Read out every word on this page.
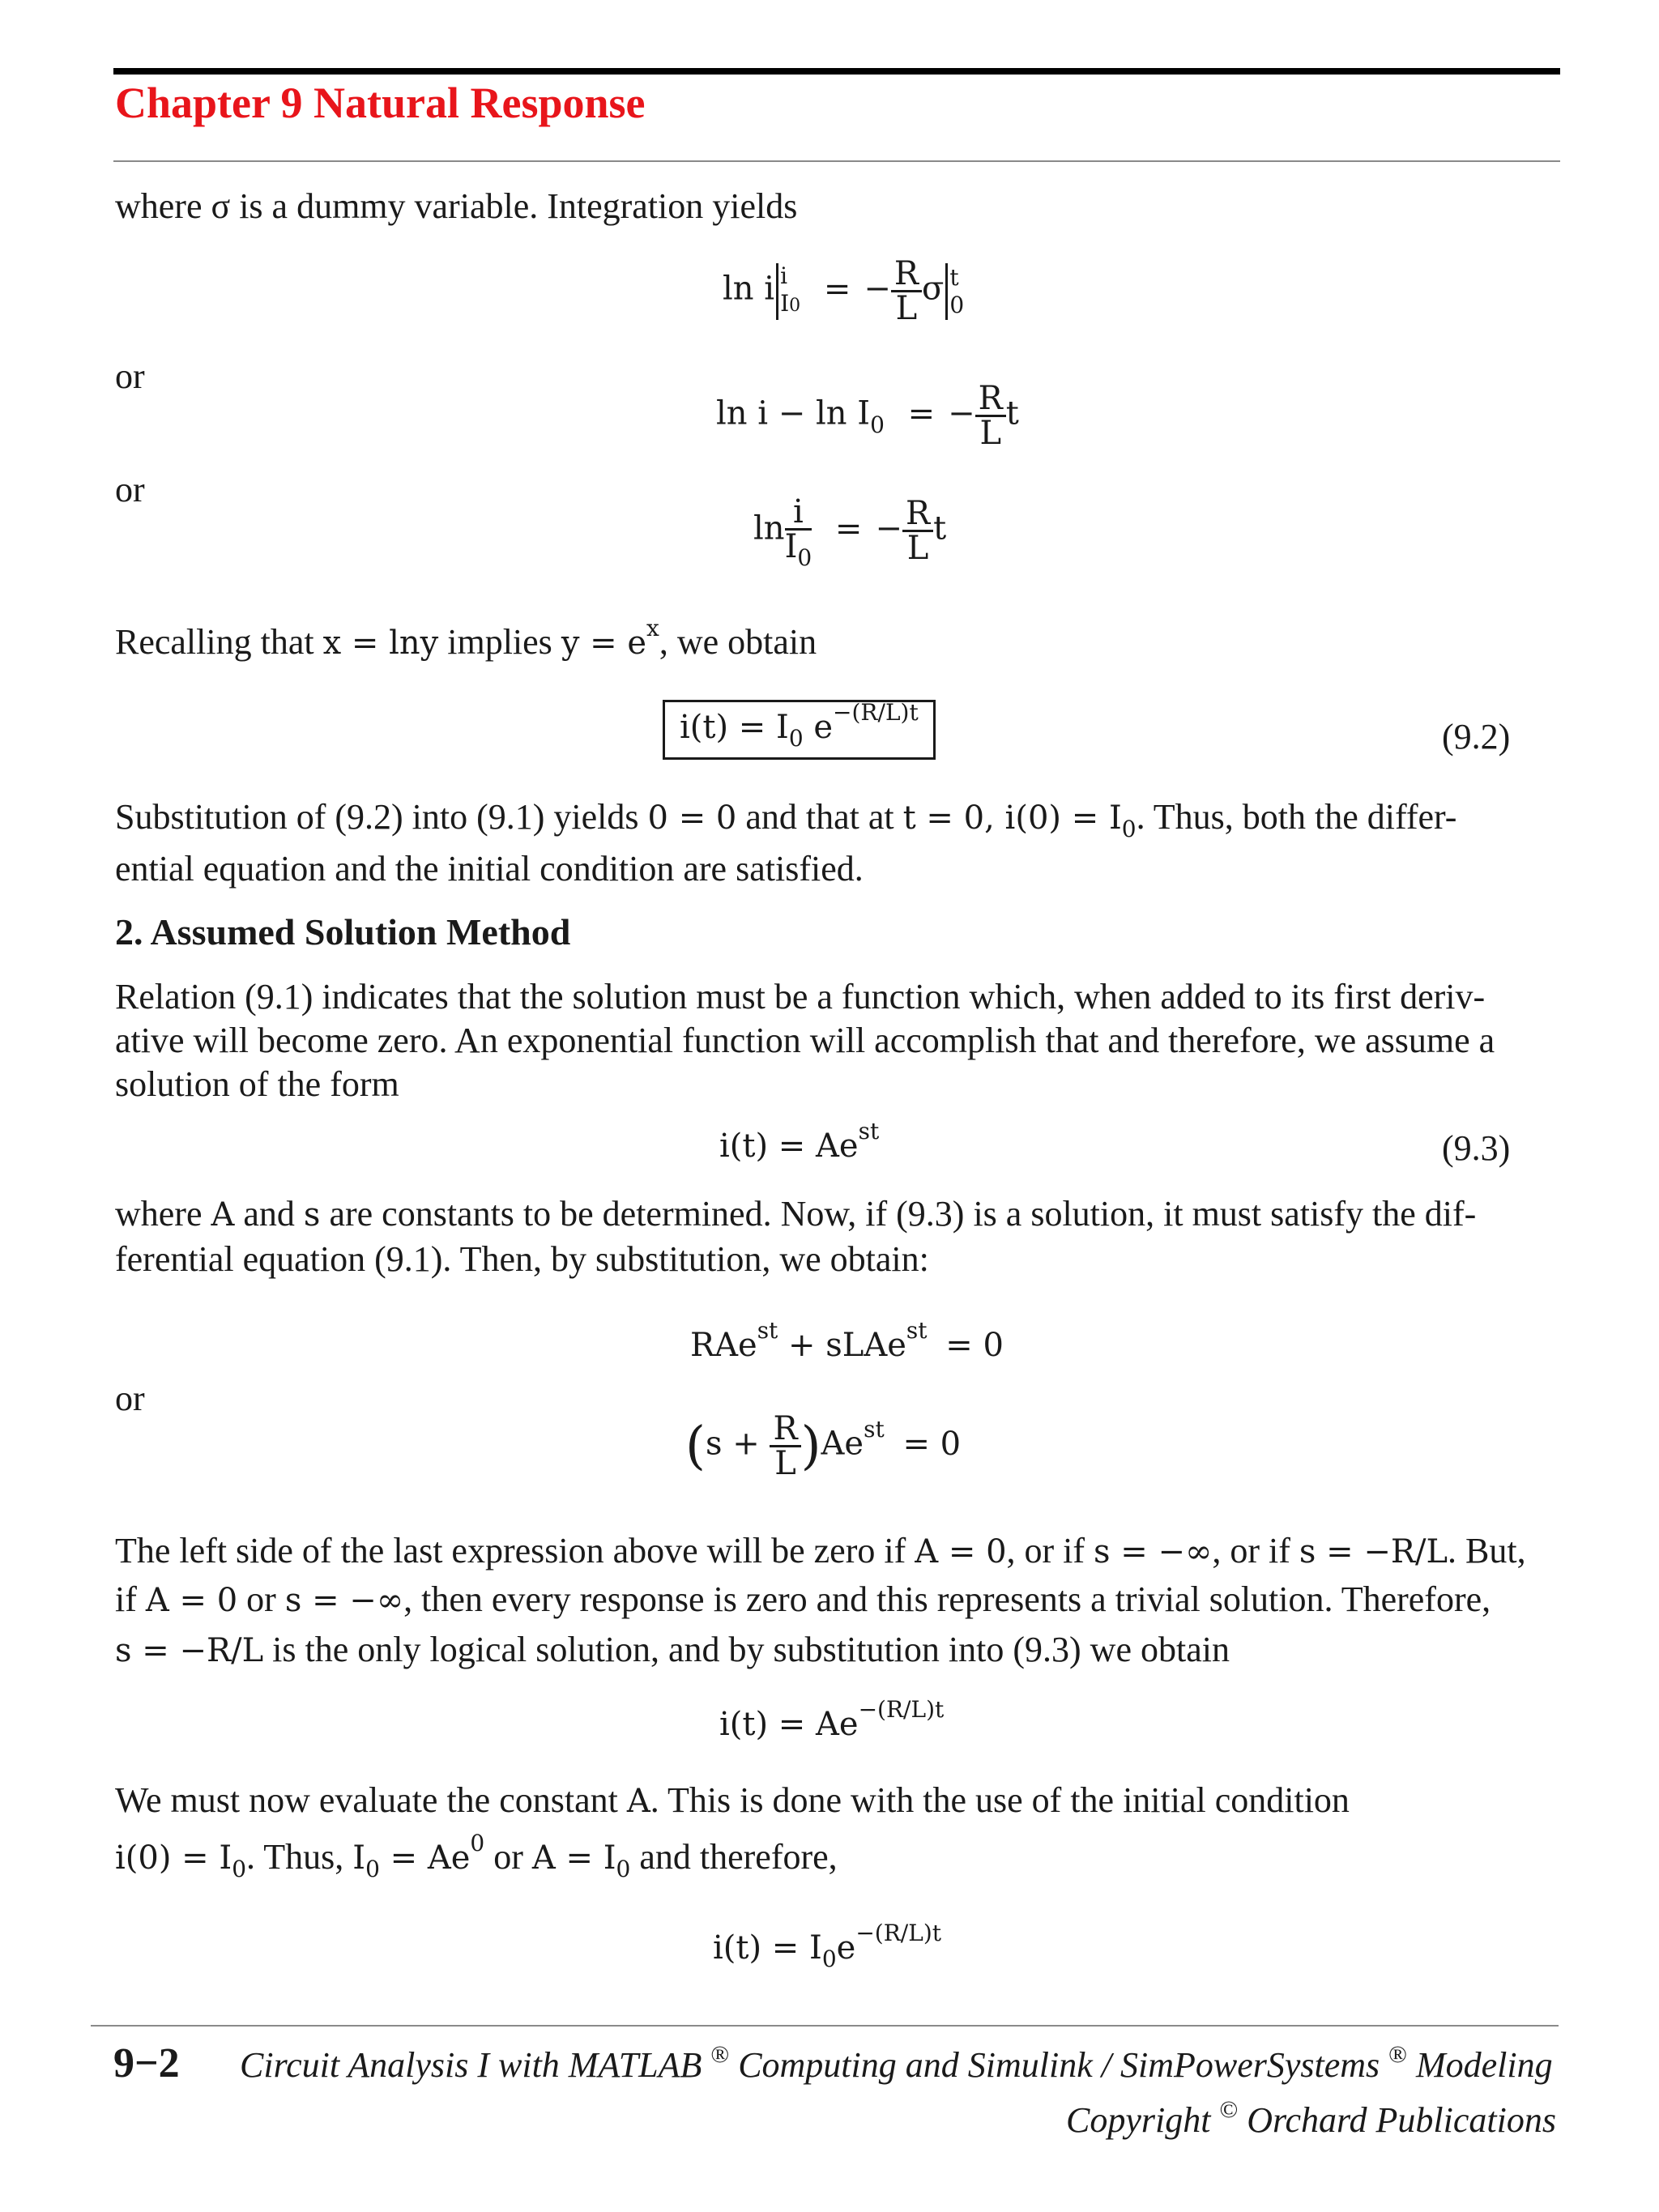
Chapter 9 Natural Response
where σ is a dummy variable. Integration yields
ln i i
I0 = − $\frac{R}{L}$ σ t
0
or
$\ln i - \ln I_0$ = − $\frac{R}{L}$ t
or
$\ln \frac{i}{I_0}$ = − $\frac{R}{L}$ t
Recalling that x = lny implies $y = e^x$, we obtain
$i(t) = I_0$ $e^{-(R/L)t}$
(9.2)
Substitution of (9.2) into (9.1) yields 0 = 0 and that at t = 0, $i(0) = I_0$. Thus, both the differ-
ential equation and the initial condition are satisfied.
2. Assumed Solution Method
Relation (9.1) indicates that the solution must be a function which, when added to its first deriv-
ative will become zero. An exponential function will accomplish that and therefore, we assume a
solution of the form
$i(t) = Ae^{st}$	(9.3)
where A and s are constants to be determined. Now, if (9.3) is a solution, it must satisfy the dif-
ferential equation (9.1). Then, by substitution, we obtain:
RAe$^{st}$ + sLAe$^{st}$ = 0
or
$(s + \frac{R}{L} )Ae^{st} = 0$
The left side of the last expression above will be zero if A = 0, or if s = −∞, or if s = −R/L. But,
if A = 0 or s = −∞, then every response is zero and this represents a trivial solution. Therefore,
s = −R/L is the only logical solution, and by substitution into (9.3) we obtain
$i(t) = Ae^{-(R/L)t}$
We must now evaluate the constant A. This is done with the use of the initial condition
$i(0) = I_0$. Thus, $I_0 = Ae^0$ or $A = I_0$ and therefore,
$i(t) = I_0e^{-(R/L)t}$
9−2 Circuit Analysis I with MATLAB ® Computing and Simulink / SimPowerSystems ® Modeling
Copyright © Orchard Publications
